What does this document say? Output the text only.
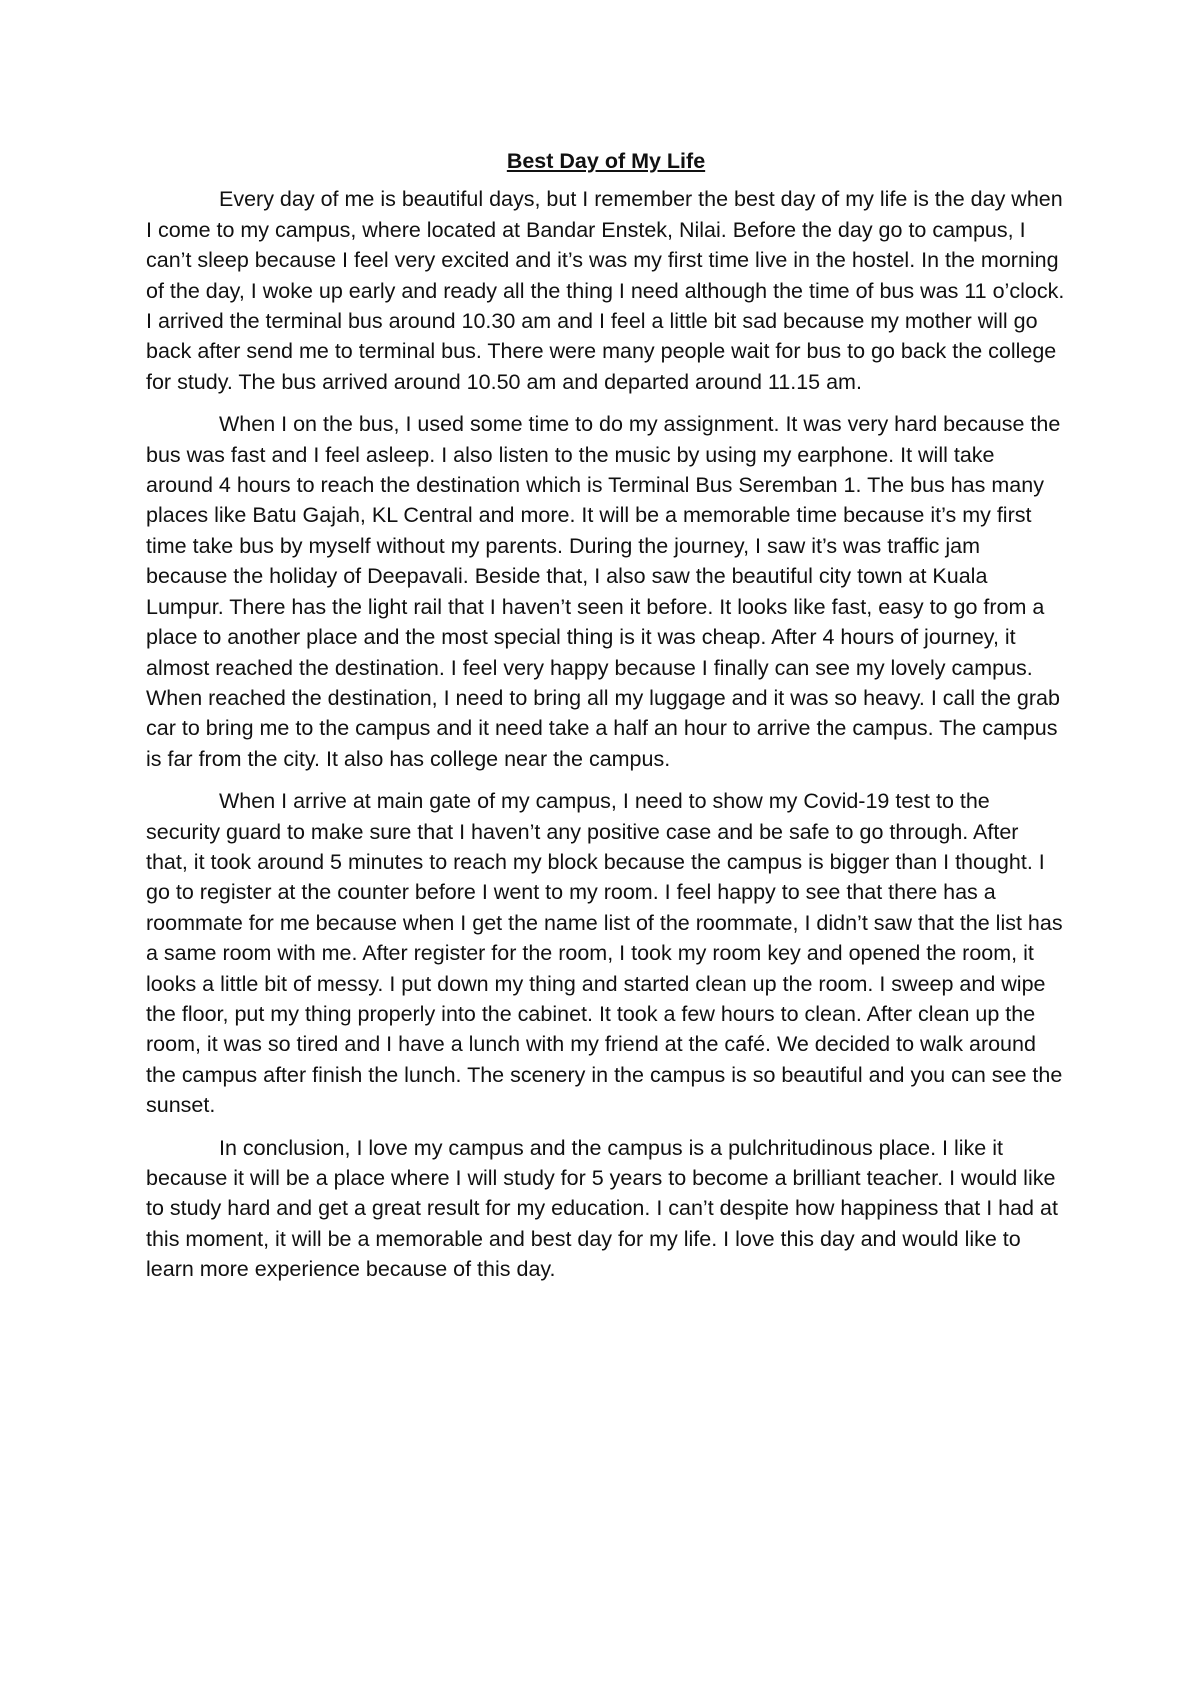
Best Day of My Life

Every day of me is beautiful days, but I remember the best day of my life is the day when I come to my campus, where located at Bandar Enstek, Nilai. Before the day go to campus, I can’t sleep because I feel very excited and it’s was my first time live in the hostel. In the morning of the day, I woke up early and ready all the thing I need although the time of bus was 11 o’clock. I arrived the terminal bus around 10.30 am and I feel a little bit sad because my mother will go back after send me to terminal bus. There were many people wait for bus to go back the college for study. The bus arrived around 10.50 am and departed around 11.15 am.

When I on the bus, I used some time to do my assignment. It was very hard because the bus was fast and I feel asleep. I also listen to the music by using my earphone. It will take around 4 hours to reach the destination which is Terminal Bus Seremban 1. The bus has many places like Batu Gajah, KL Central and more. It will be a memorable time because it’s my first time take bus by myself without my parents. During the journey, I saw it’s was traffic jam because the holiday of Deepavali. Beside that, I also saw the beautiful city town at Kuala Lumpur. There has the light rail that I haven’t seen it before. It looks like fast, easy to go from a place to another place and the most special thing is it was cheap. After 4 hours of journey, it almost reached the destination. I feel very happy because I finally can see my lovely campus. When reached the destination, I need to bring all my luggage and it was so heavy. I call the grab car to bring me to the campus and it need take a half an hour to arrive the campus. The campus is far from the city. It also has college near the campus.

When I arrive at main gate of my campus, I need to show my Covid-19 test to the security guard to make sure that I haven’t any positive case and be safe to go through. After that, it took around 5 minutes to reach my block because the campus is bigger than I thought. I go to register at the counter before I went to my room. I feel happy to see that there has a roommate for me because when I get the name list of the roommate, I didn’t saw that the list has a same room with me. After register for the room, I took my room key and opened the room, it looks a little bit of messy. I put down my thing and started clean up the room. I sweep and wipe the floor, put my thing properly into the cabinet. It took a few hours to clean. After clean up the room, it was so tired and I have a lunch with my friend at the café. We decided to walk around the campus after finish the lunch. The scenery in the campus is so beautiful and you can see the sunset.

In conclusion, I love my campus and the campus is a pulchritudinous place. I like it because it will be a place where I will study for 5 years to become a brilliant teacher. I would like to study hard and get a great result for my education. I can’t despite how happiness that I had at this moment, it will be a memorable and best day for my life. I love this day and would like to learn more experience because of this day.
